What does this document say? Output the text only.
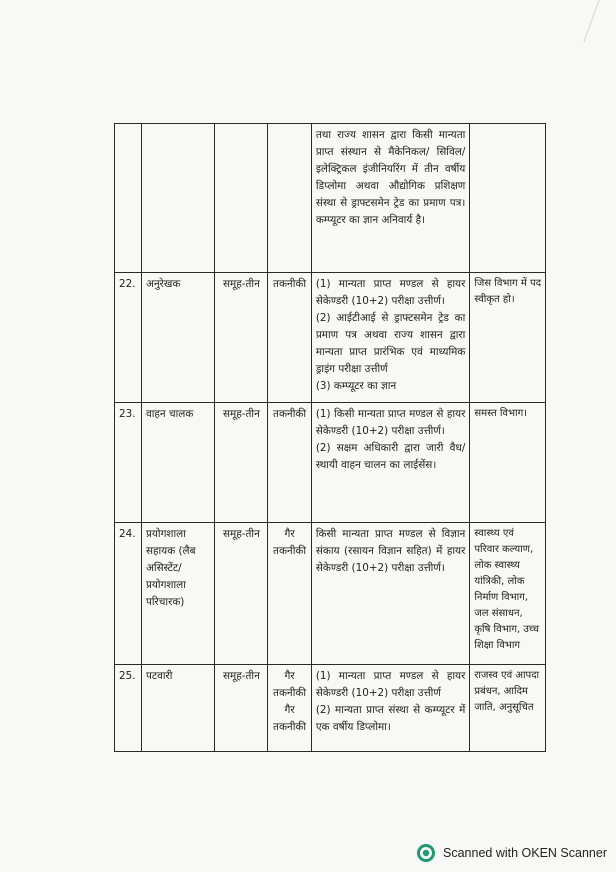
				तथा राज्य शासन द्वारा किसी मान्यता प्राप्त संस्थान से मैकेनिकल/ सिविल/ इलेक्ट्रिकल इंजीनियरिंग में तीन वर्षीय डिप्लोमा अथवा औद्योगिक प्रशिक्षण संस्था से ड्राफ्टसमेन ट्रेड का प्रमाण पत्र। कम्प्यूटर का ज्ञान अनिवार्य है।	

22.	अनुरेखक	समूह-तीन	तकनीकी	(1) मान्यता प्राप्त मण्डल से हायर सेकेण्डरी (10+2) परीक्षा उत्तीर्ण।
(2) आईटीआई से ड्राफ्टसमेन ट्रेड का प्रमाण पत्र अथवा राज्य शासन द्वारा मान्यता प्राप्त प्रारंभिक एवं माध्यमिक ड्राइंग परीक्षा उत्तीर्ण
(3) कम्प्यूटर का ज्ञान	जिस विभाग में पद स्वीकृत हो।
23.	वाहन चालक	समूह-तीन	तकनीकी	(1) किसी मान्यता प्राप्त मण्डल से हायर सेकेण्डरी (10+2) परीक्षा उत्तीर्ण।
(2) सक्षम अधिकारी द्वारा जारी वैध/स्थायी वाहन चालन का लाईसेंस।	समस्त विभाग।
24.	प्रयोगशाला सहायक (लैब असिस्टेंट/ प्रयोगशाला परिचारक)	समूह-तीन	गैर तकनीकी	किसी मान्यता प्राप्त मण्डल से विज्ञान संकाय (रसायन विज्ञान सहित) में हायर सेकेण्डरी (10+2) परीक्षा उत्तीर्ण।	स्वास्थ्य एवं परिवार कल्याण, लोक स्वास्थ्य यांत्रिकी, लोक निर्माण विभाग, जल संसाधन, कृषि विभाग, उच्च शिक्षा विभाग
25.	पटवारी	समूह-तीन	गैर तकनीकी गैर तकनीकी	(1) मान्यता प्राप्त मण्डल से हायर सेकेण्डरी (10+2) परीक्षा उत्तीर्ण
(2) मान्यता प्राप्त संस्था से कम्प्यूटर में एक वर्षीय डिप्लोमा।	राजस्व एवं आपदा प्रबंधन, आदिम जाति, अनुसूचित
Scanned with OKEN Scanner
